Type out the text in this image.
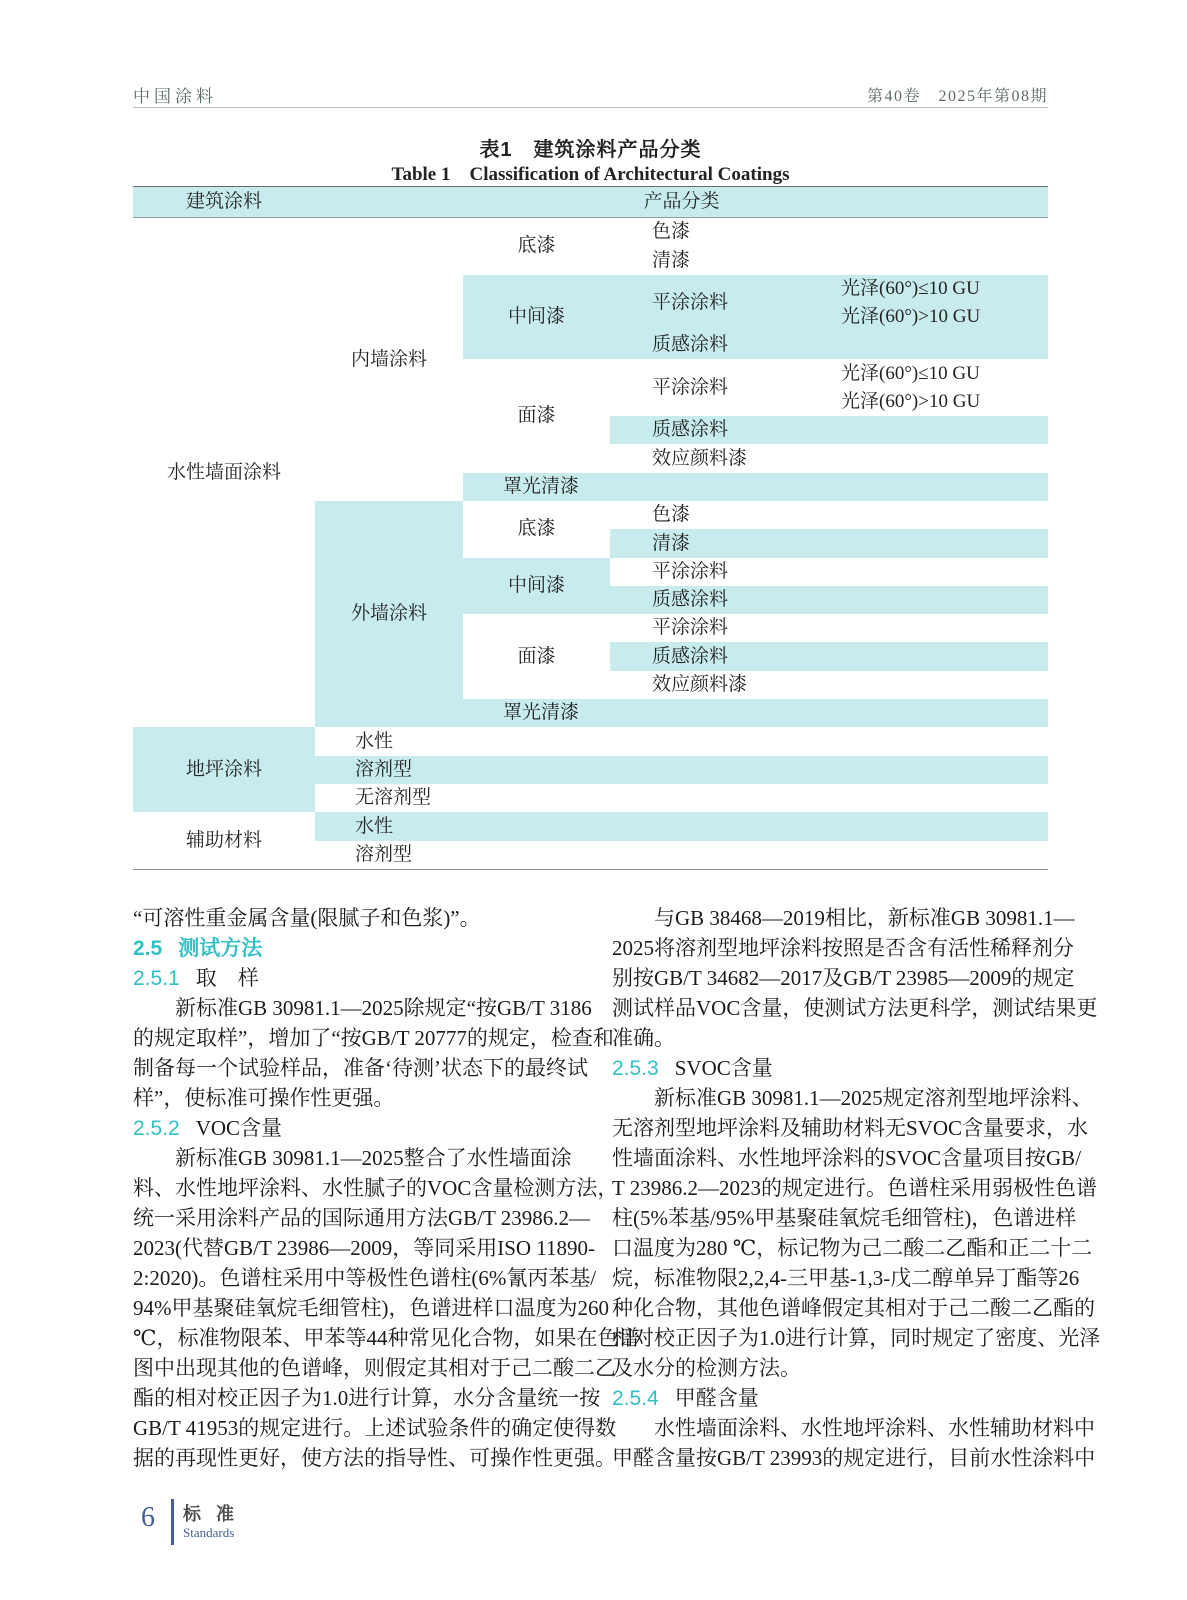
中国涂料	第40卷　2025年第08期
表1　建筑涂料产品分类
Table 1　Classification of Architectural Coatings
建筑涂料	产品分类			
水性墙面涂料	内墙涂料	底漆	色漆	
			清漆	
		中间漆	平涂涂料	光泽(60°)≤10 GU
				光泽(60°)>10 GU
			质感涂料	
		面漆	平涂涂料	光泽(60°)≤10 GU
				光泽(60°)>10 GU
			质感涂料	
			效应颜料漆	
		罩光清漆		
	外墙涂料	底漆	色漆	
			清漆	
		中间漆	平涂涂料	
			质感涂料	
		面漆	平涂涂料	
			质感涂料	
			效应颜料漆	
		罩光清漆		
地坪涂料	水性			
	溶剂型			
	无溶剂型			
辅助材料	水性			
	溶剂型			
“可溶性重金属含量(限腻子和色浆)”。
2.5 测试方法
2.5.1 取　样
新标准GB 30981.1—2025除规定“按GB/T 3186
的规定取样”，增加了“按GB/T 20777的规定，检查和
制备每一个试验样品，准备‘待测’状态下的最终试
样”，使标准可操作性更强。
2.5.2 VOC含量
新标准GB 30981.1—2025整合了水性墙面涂
料、水性地坪涂料、水性腻子的VOC含量检测方法，
统一采用涂料产品的国际通用方法GB/T 23986.2—
2023(代替GB/T 23986—2009，等同采用ISO 11890-
2:2020)。色谱柱采用中等极性色谱柱(6%氰丙苯基/
94%甲基聚硅氧烷毛细管柱)，色谱进样口温度为260
℃，标准物限苯、甲苯等44种常见化合物，如果在色谱
图中出现其他的色谱峰，则假定其相对于己二酸二乙
酯的相对校正因子为1.0进行计算，水分含量统一按
GB/T 41953的规定进行。上述试验条件的确定使得数
据的再现性更好，使方法的指导性、可操作性更强。
与GB 38468—2019相比，新标准GB 30981.1—
2025将溶剂型地坪涂料按照是否含有活性稀释剂分
别按GB/T 34682—2017及GB/T 23985—2009的规定
测试样品VOC含量，使测试方法更科学，测试结果更
准确。
2.5.3 SVOC含量
新标准GB 30981.1—2025规定溶剂型地坪涂料、
无溶剂型地坪涂料及辅助材料无SVOC含量要求，水
性墙面涂料、水性地坪涂料的SVOC含量项目按GB/
T 23986.2—2023的规定进行。色谱柱采用弱极性色谱
柱(5%苯基/95%甲基聚硅氧烷毛细管柱)，色谱进样
口温度为280 ℃，标记物为己二酸二乙酯和正二十二
烷，标准物限2,2,4-三甲基-1,3-戊二醇单异丁酯等26
种化合物，其他色谱峰假定其相对于己二酸二乙酯的
相对校正因子为1.0进行计算，同时规定了密度、光泽
及水分的检测方法。
2.5.4 甲醛含量
水性墙面涂料、水性地坪涂料、水性辅助材料中
甲醛含量按GB/T 23993的规定进行，目前水性涂料中
6 标 准
Standards
